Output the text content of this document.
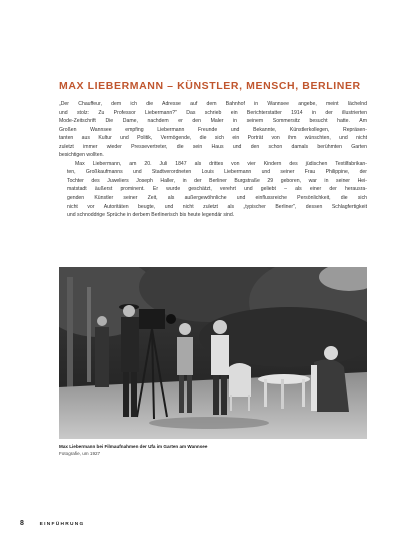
MAX LIEBERMANN – KÜNSTLER, MENSCH, BERLINER

„Der Chauffeur, dem ich die Adresse auf dem Bahnhof in Wannsee angebe, meint lächelnd
und stolz: Zu Professor Liebermann?" Das schrieb ein Berichterstatter 1914 in der illustrierten
Mode-Zeitschrift Die Dame, nachdem er den Maler in seinem Sommersitz besucht hatte. Am
Großen Wannsee empfing Liebermann Freunde und Bekannte, Künstlerkollegen, Repräsen-
tanten aus Kultur und Politik, Vermögende, die sich ein Porträt von ihm wünschten, und nicht
zuletzt immer wieder Pressevertreter, die sein Haus und den schon damals berühmten Garten
besichtigen wollten.

Max Liebermann, am 20. Juli 1847 als drittes von vier Kindern des jüdischen Textilfabrikan-
ten, Großkaufmanns und Stadtverordneten Louis Liebermann und seiner Frau Philippine, der
Tochter des Juweliers Joseph Haller, in der Berliner Burgstraße 29 geboren, war in seiner Hei-
matstadt äußerst prominent. Er wurde geschätzt, verehrt und geliebt – als einer der herausra-
genden Künstler seiner Zeit, als außergewöhnliche und einflussreiche Persönlichkeit, die sich
nicht vor Autoritäten beugte, und nicht zuletzt als „typischer Berliner", dessen Schlagfertigkeit
und schnoddrige Sprüche in derbem Berlinerisch bis heute legendär sind.

Max Liebermann bei Filmaufnahmen der Ufa im Garten am Wannsee
Fotografie, um 1927
8	EINFÜHRUNG
